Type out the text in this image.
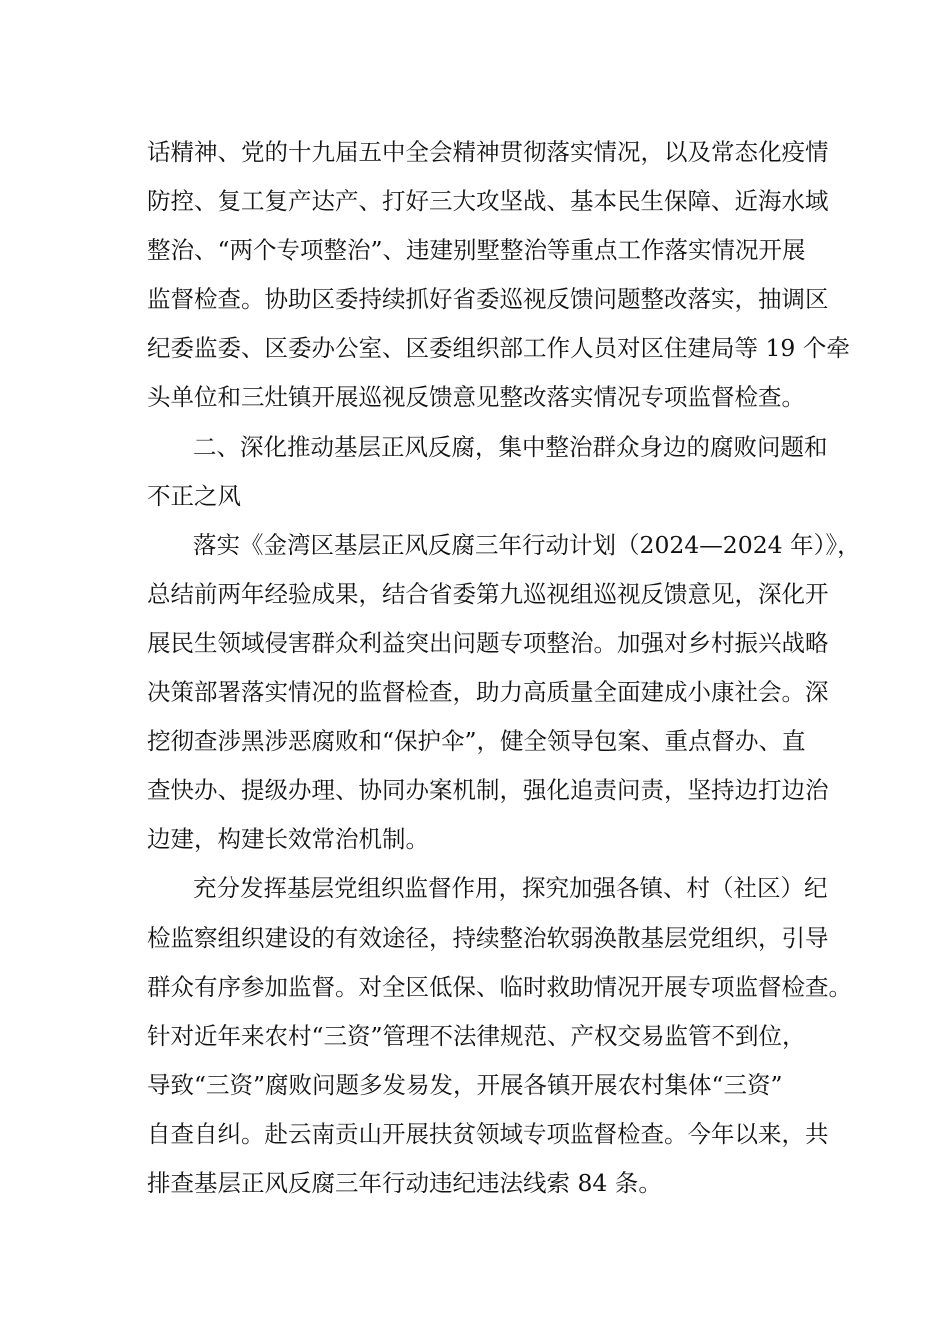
话精神、党的十九届五中全会精神贯彻落实情况，以及常态化疫情
防控、复工复产达产、打好三大攻坚战、基本民生保障、近海水域
整治、“两个专项整治”、违建别墅整治等重点工作落实情况开展
监督检查。协助区委持续抓好省委巡视反馈问题整改落实，抽调区
纪委监委、区委办公室、区委组织部工作人员对区住建局等 19 个牵
头单位和三灶镇开展巡视反馈意见整改落实情况专项监督检查。
二、深化推动基层正风反腐，集中整治群众身边的腐败问题和
不正之风
落实《金湾区基层正风反腐三年行动计划（2024—2024 年）》，
总结前两年经验成果，结合省委第九巡视组巡视反馈意见，深化开
展民生领域侵害群众利益突出问题专项整治。加强对乡村振兴战略
决策部署落实情况的监督检查，助力高质量全面建成小康社会。深
挖彻查涉黑涉恶腐败和“保护伞”，健全领导包案、重点督办、直
查快办、提级办理、协同办案机制，强化追责问责，坚持边打边治
边建，构建长效常治机制。
充分发挥基层党组织监督作用，探究加强各镇、村（社区）纪
检监察组织建设的有效途径，持续整治软弱涣散基层党组织，引导
群众有序参加监督。对全区低保、临时救助情况开展专项监督检查。
针对近年来农村“三资”管理不法律规范、产权交易监管不到位，
导致“三资”腐败问题多发易发，开展各镇开展农村集体“三资”
自查自纠。赴云南贡山开展扶贫领域专项监督检查。今年以来，共
排查基层正风反腐三年行动违纪违法线索 84 条。
